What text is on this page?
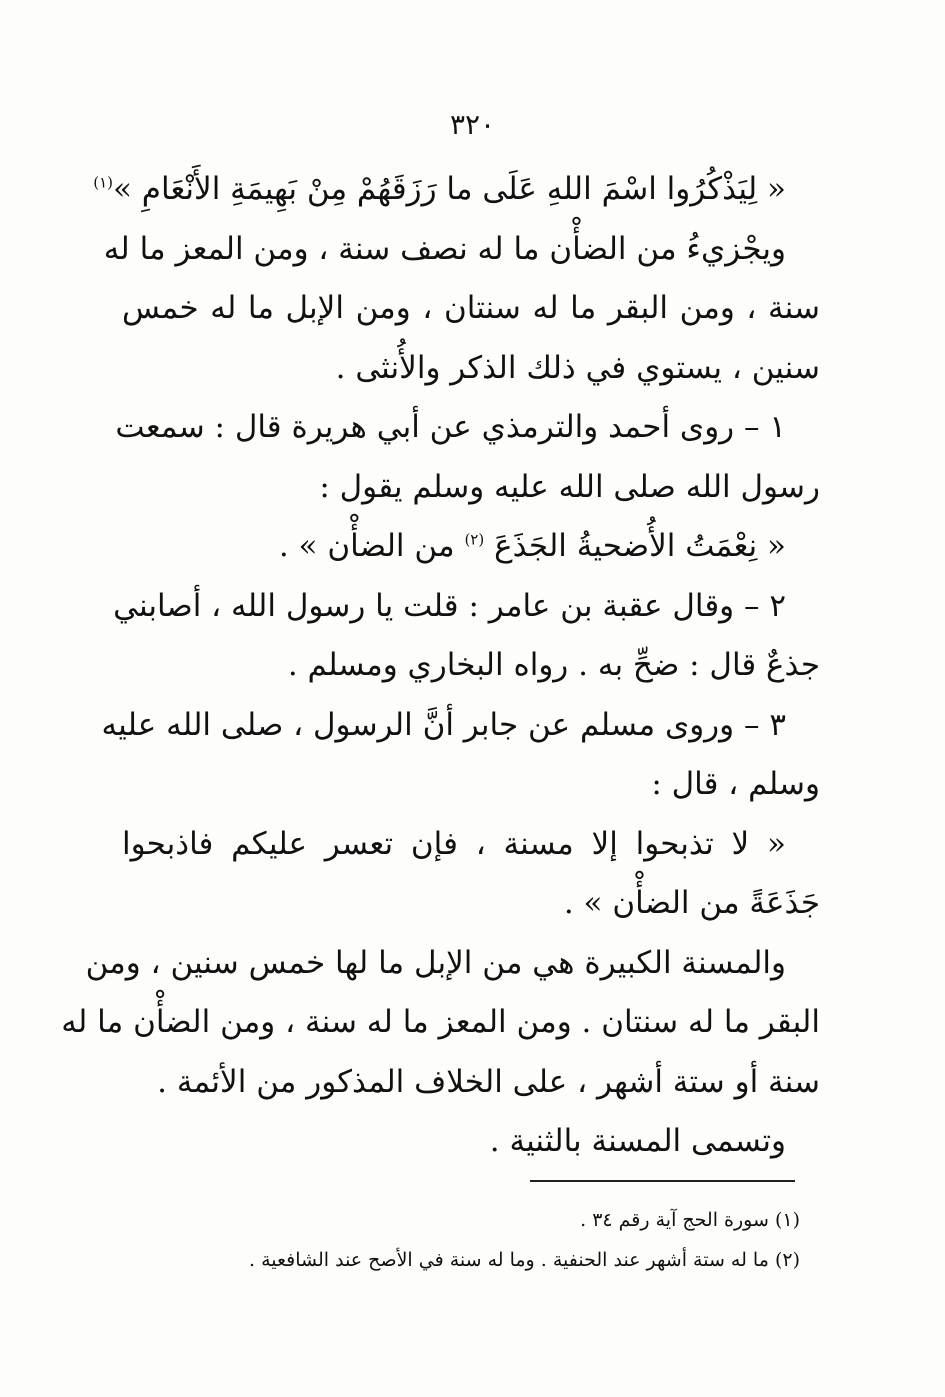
٣٢٠
« لِيَذْكُرُوا اسْمَ اللهِ عَلَى ما رَزَقَهُمْ مِنْ بَهِيمَةِ الأَنْعَامِ »$^{(١)}$
ويجْزيءُ من الضأْن ما له نصف سنة ، ومن المعز ما له
سنة ، ومن البقر ما له سنتان ، ومن الإبل ما له خمس
سنين ، يستوي في ذلك الذكر والأُنثى .
١ – روى أحمد والترمذي عن أبي هريرة قال : سمعت
رسول الله صلى الله عليه وسلم يقول :
« نِعْمَتُ الأُضحيةُ الجَذَعَ $^{(٢)}$ من الضأْن » .
٢ – وقال عقبة بن عامر : قلت يا رسول الله ، أصابني
جذعٌ قال : ضحِّ به . رواه البخاري ومسلم .
٣ – وروى مسلم عن جابر أنَّ الرسول ، صلى الله عليه
وسلم ، قال :
« لا تذبحوا إلا مسنة ، فإن تعسر عليكم فاذبحوا
جَذَعَةً من الضأْن » .
والمسنة الكبيرة هي من الإبل ما لها خمس سنين ، ومن
البقر ما له سنتان . ومن المعز ما له سنة ، ومن الضأْن ما له
سنة أو ستة أشهر ، على الخلاف المذكور من الأئمة .
وتسمى المسنة بالثنية .
(١) سورة الحج آية رقم ٣٤ .
(٢) ما له ستة أشهر عند الحنفية . وما له سنة في الأصح عند الشافعية .
